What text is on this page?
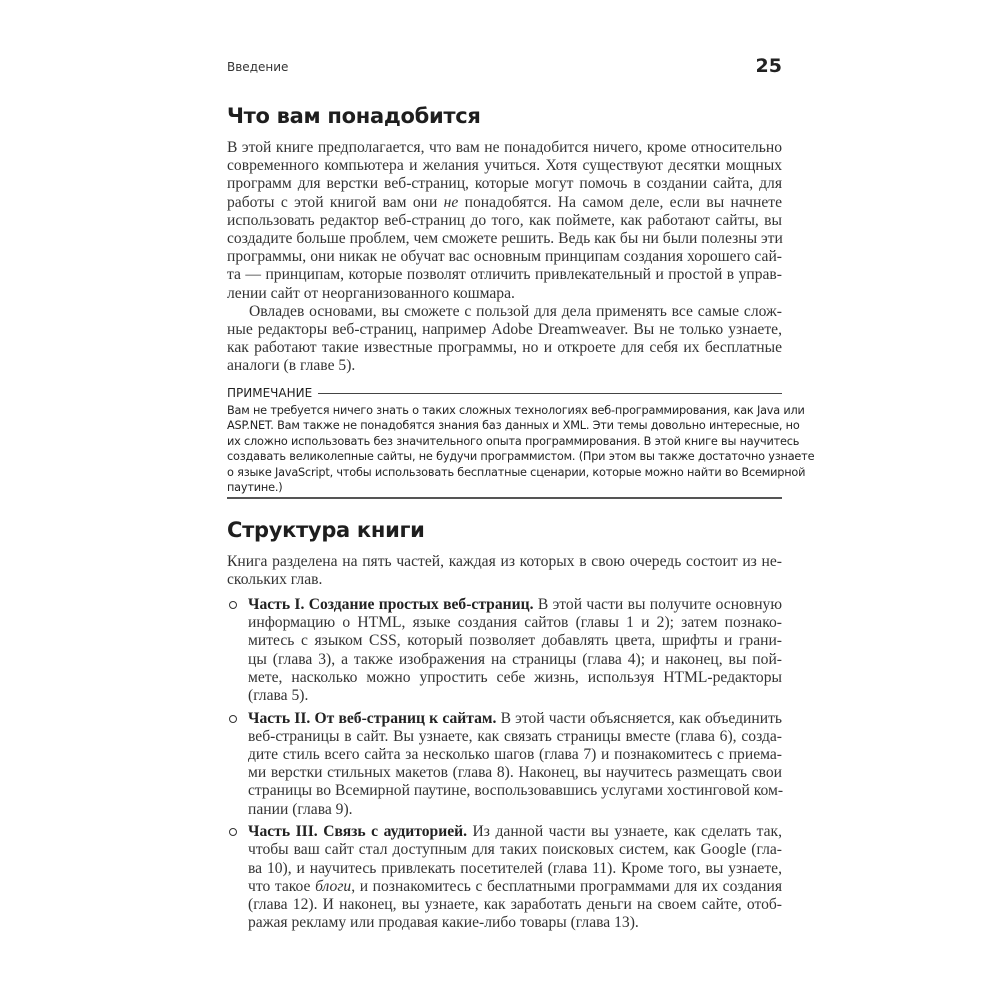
Введение	25
Что вам понадобится
В этой книге предполагается, что вам не понадобится ничего, кроме относительно
современного компьютера и желания учиться. Хотя существуют десятки мощных
программ для верстки веб-страниц, которые могут помочь в создании сайта, для
работы с этой книгой вам они не понадобятся. На самом деле, если вы начнете
использовать редактор веб-страниц до того, как поймете, как работают сайты, вы
создадите больше проблем, чем сможете решить. Ведь как бы ни были полезны эти
программы, они никак не обучат вас основным принципам создания хорошего сай-
та — принципам, которые позволят отличить привлекательный и простой в управ-
лении сайт от неорганизованного кошмара.
Овладев основами, вы сможете с пользой для дела применять все самые слож-
ные редакторы веб-страниц, например Adobe Dreamweaver. Вы не только узнаете,
как работают такие известные программы, но и откроете для себя их бесплатные
аналоги (в главе 5).
ПРИМЕЧАНИЕ
Вам не требуется ничего знать о таких сложных технологиях веб-программирования, как Java или
ASP.NET. Вам также не понадобятся знания баз данных и XML. Эти темы довольно интересные, но
их сложно использовать без значительного опыта программирования. В этой книге вы научитесь
создавать великолепные сайты, не будучи программистом. (При этом вы также достаточно узнаете
о языке JavaScript, чтобы использовать бесплатные сценарии, которые можно найти во Всемирной
паутине.)
Структура книги
Книга разделена на пять частей, каждая из которых в свою очередь состоит из не-
скольких глав.
Часть I. Создание простых веб-страниц. В этой части вы получите основную
информацию о HTML, языке создания сайтов (главы 1 и 2); затем познако-
митесь с языком CSS, который позволяет добавлять цвета, шрифты и грани-
цы (глава 3), а также изображения на страницы (глава 4); и наконец, вы пой-
мете, насколько можно упростить себе жизнь, используя HTML-редакторы
(глава 5).
Часть II. От веб-страниц к сайтам. В этой части объясняется, как объединить
веб-страницы в сайт. Вы узнаете, как связать страницы вместе (глава 6), созда-
дите стиль всего сайта за несколько шагов (глава 7) и познакомитесь с приема-
ми верстки стильных макетов (глава 8). Наконец, вы научитесь размещать свои
страницы во Всемирной паутине, воспользовавшись услугами хостинговой ком-
пании (глава 9).
Часть III. Связь с аудиторией. Из данной части вы узнаете, как сделать так,
чтобы ваш сайт стал доступным для таких поисковых систем, как Google (гла-
ва 10), и научитесь привлекать посетителей (глава 11). Кроме того, вы узнаете,
что такое блоги, и познакомитесь с бесплатными программами для их создания
(глава 12). И наконец, вы узнаете, как заработать деньги на своем сайте, отоб-
ражая рекламу или продавая какие-либо товары (глава 13).
